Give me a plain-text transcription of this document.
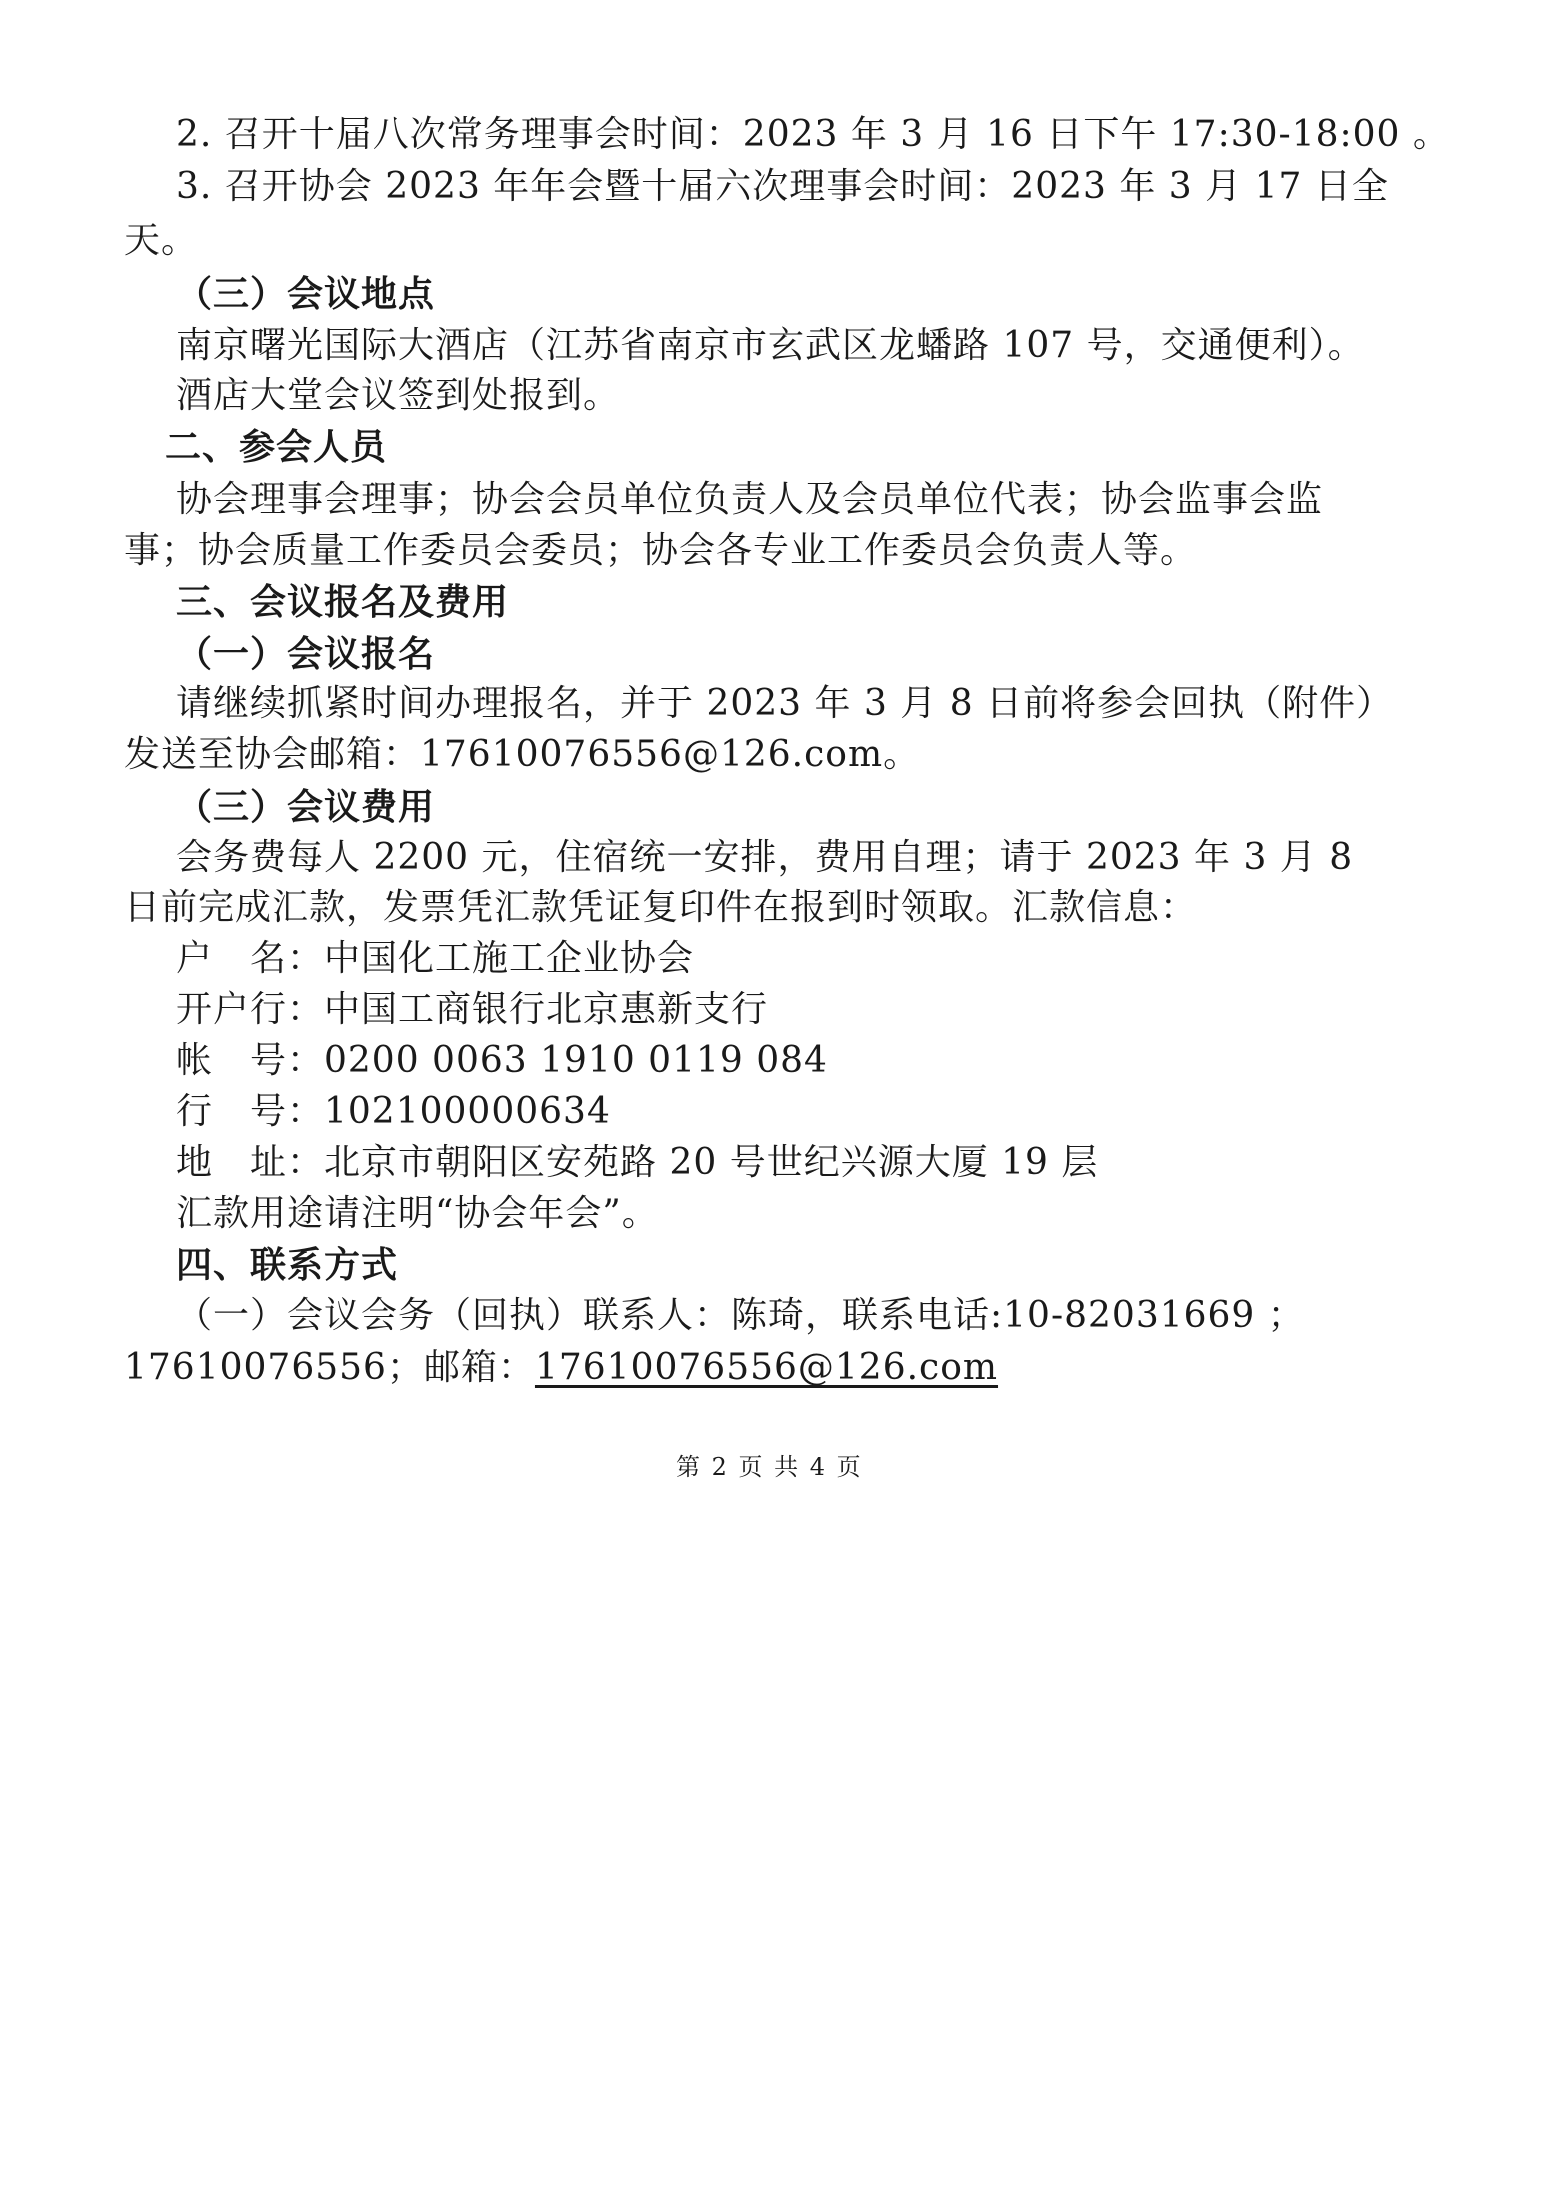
2. 召开十届八次常务理事会时间：2023 年 3 月 16 日下午 17:30-18:00 。
3. 召开协会 2023 年年会暨十届六次理事会时间：2023 年 3 月 17 日全
天。
（三）会议地点
南京曙光国际大酒店（江苏省南京市玄武区龙蟠路 107 号，交通便利）。
酒店大堂会议签到处报到。
二、参会人员
协会理事会理事；协会会员单位负责人及会员单位代表；协会监事会监
事；协会质量工作委员会委员；协会各专业工作委员会负责人等。
三、会议报名及费用
（一）会议报名
请继续抓紧时间办理报名，并于 2023 年 3 月 8 日前将参会回执（附件）
发送至协会邮箱：17610076556@126.com。
（三）会议费用
会务费每人 2200 元，住宿统一安排，费用自理；请于 2023 年 3 月 8
日前完成汇款，发票凭汇款凭证复印件在报到时领取。汇款信息：
户　名：中国化工施工企业协会
开户行：中国工商银行北京惠新支行
帐　号：0200 0063 1910 0119 084
行　号：102100000634
地　址：北京市朝阳区安苑路 20 号世纪兴源大厦 19 层
汇款用途请注明“协会年会”。
四、联系方式
（一）会议会务（回执）联系人：陈琦，联系电话:10-82031669 ；
17610076556；邮箱：17610076556@126.com
第 2 页 共 4 页
